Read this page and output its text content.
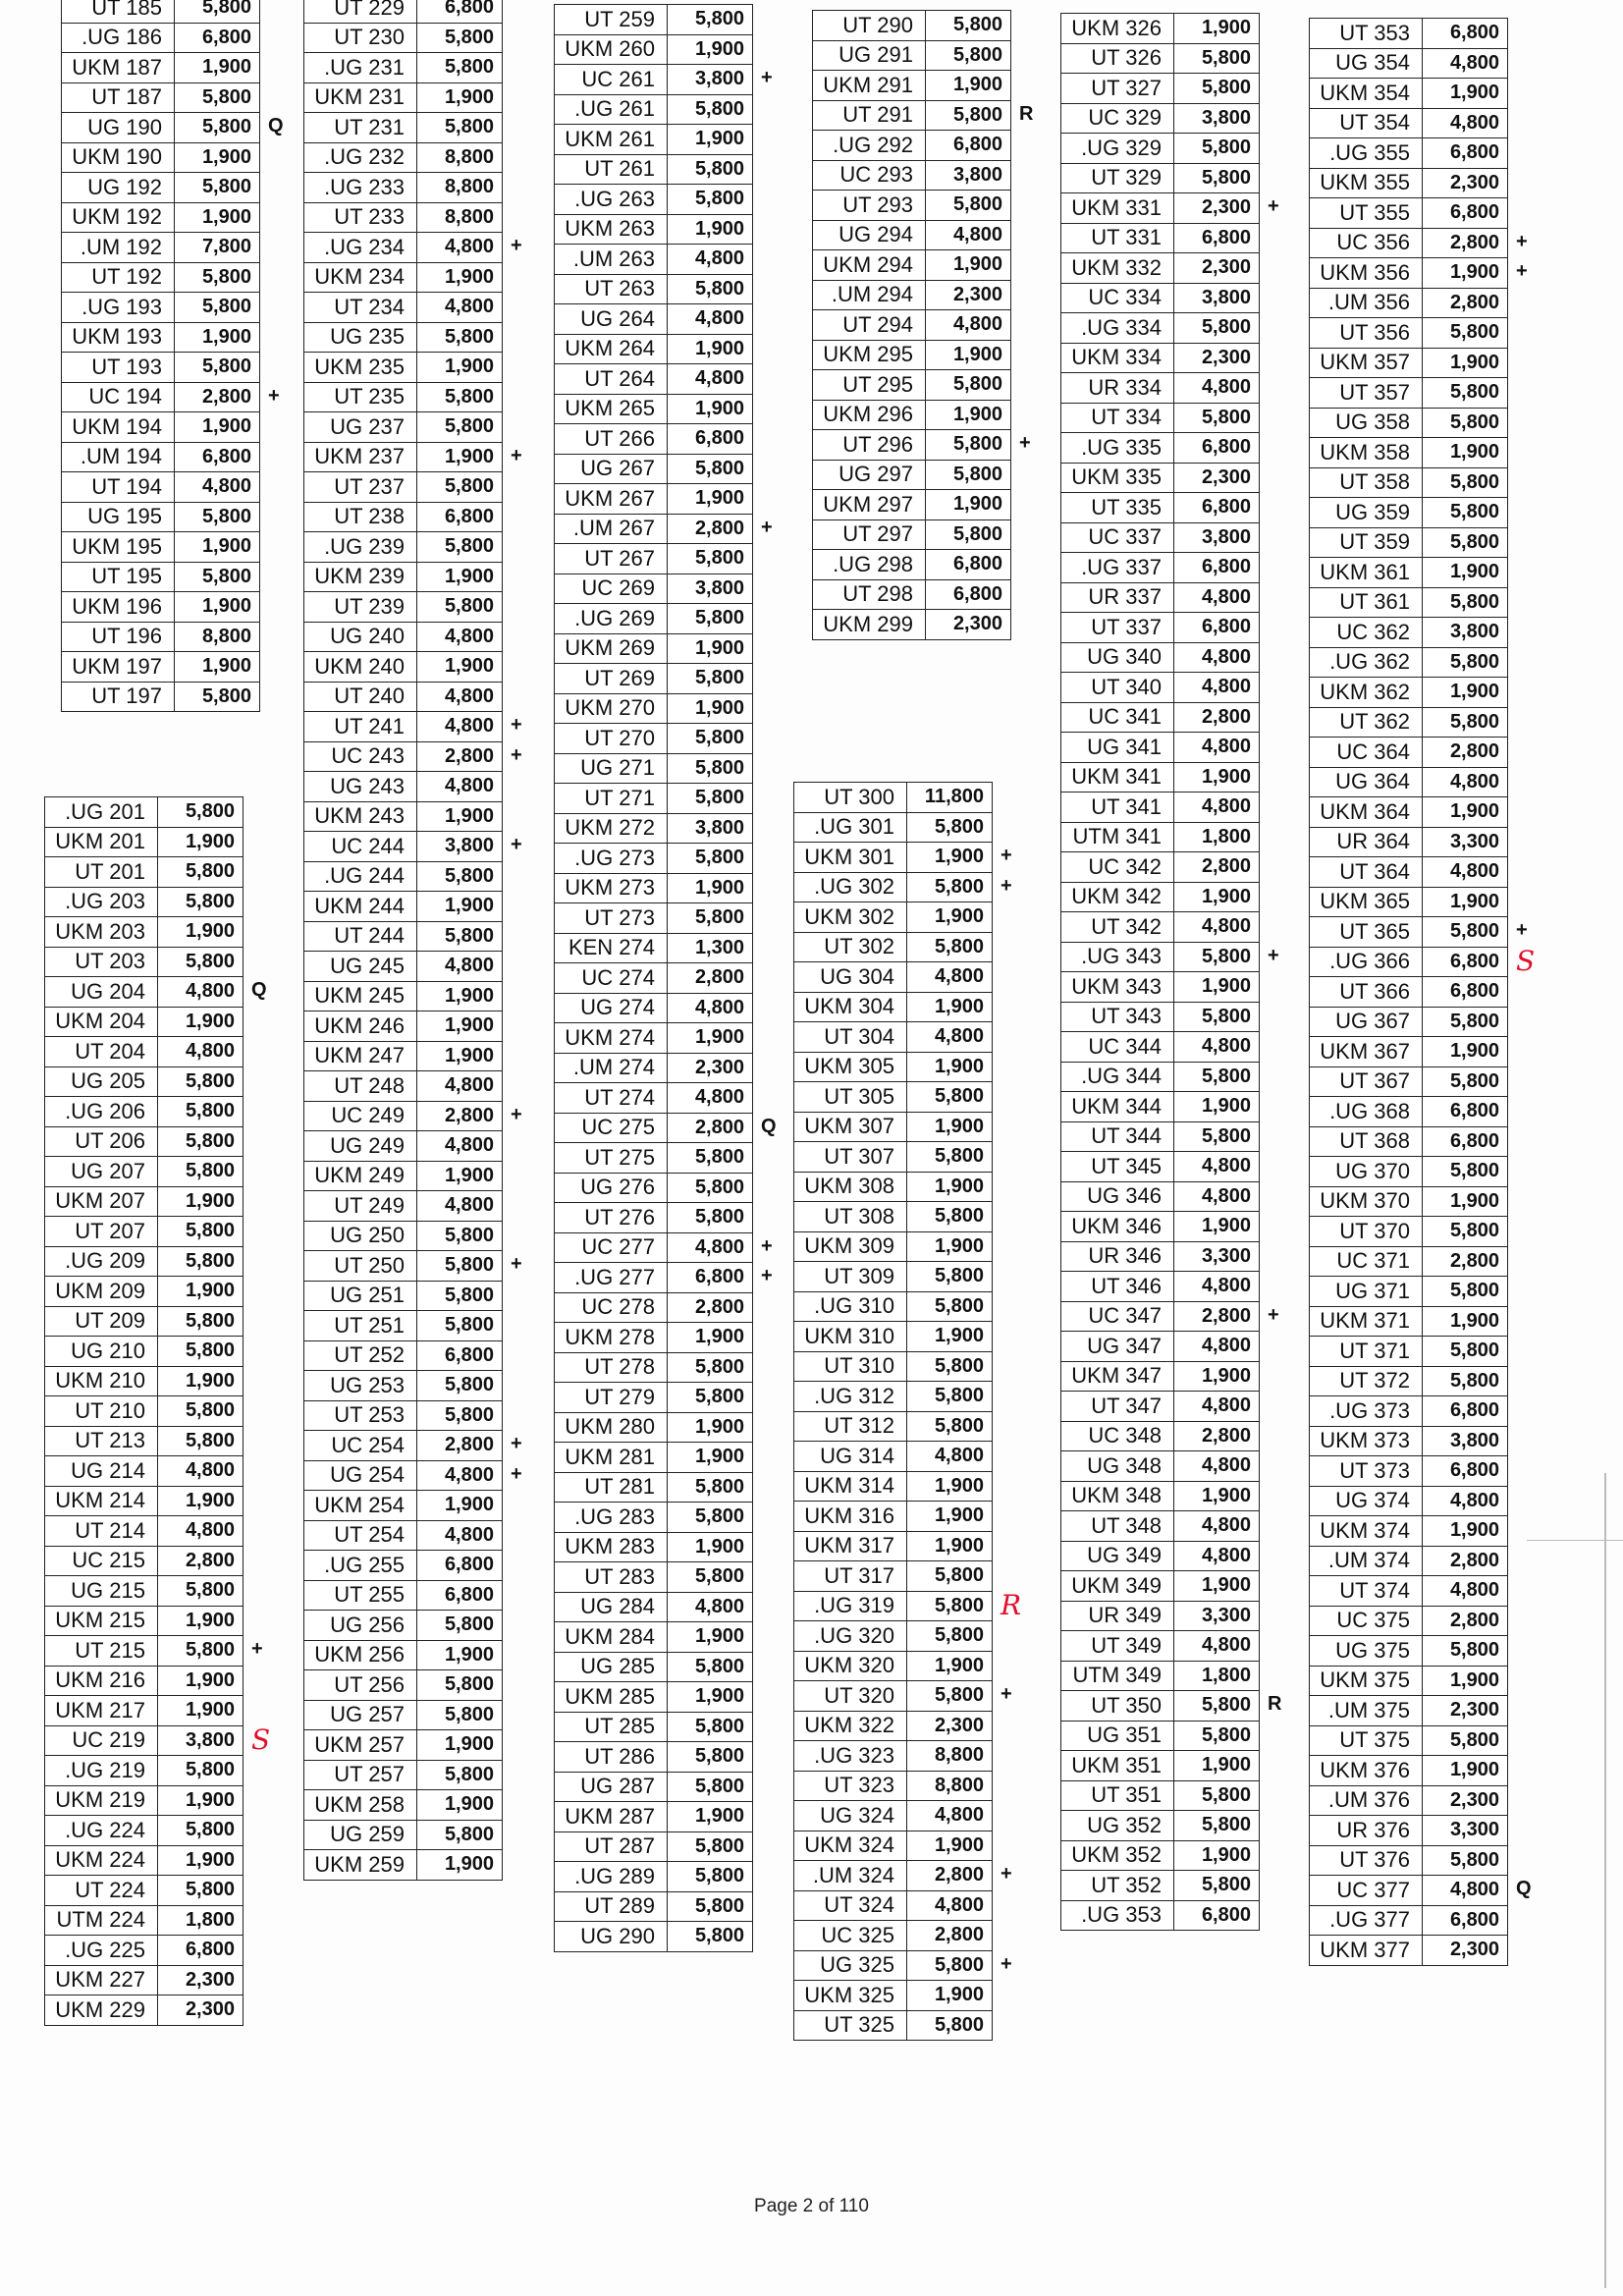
UT 185	5,800
.UG 186	6,800
UKM 187	1,900
UT 187	5,800
UG 190	5,800
UKM 190	1,900
UG 192	5,800
UKM 192	1,900
.UM 192	7,800
UT 192	5,800
.UG 193	5,800
UKM 193	1,900
UT 193	5,800
UC 194	2,800
UKM 194	1,900
.UM 194	6,800
UT 194	4,800
UG 195	5,800
UKM 195	1,900
UT 195	5,800
UKM 196	1,900
UT 196	8,800
UKM 197	1,900
UT 197	5,800
Q
+
.UG 201	5,800
UKM 201	1,900
UT 201	5,800
.UG 203	5,800
UKM 203	1,900
UT 203	5,800
UG 204	4,800
UKM 204	1,900
UT 204	4,800
UG 205	5,800
.UG 206	5,800
UT 206	5,800
UG 207	5,800
UKM 207	1,900
UT 207	5,800
.UG 209	5,800
UKM 209	1,900
UT 209	5,800
UG 210	5,800
UKM 210	1,900
UT 210	5,800
UT 213	5,800
UG 214	4,800
UKM 214	1,900
UT 214	4,800
UC 215	2,800
UG 215	5,800
UKM 215	1,900
UT 215	5,800
UKM 216	1,900
UKM 217	1,900
UC 219	3,800
.UG 219	5,800
UKM 219	1,900
.UG 224	5,800
UKM 224	1,900
UT 224	5,800
UTM 224	1,800
.UG 225	6,800
UKM 227	2,300
UKM 229	2,300
Q
+
S
UT 229	6,800
UT 230	5,800
.UG 231	5,800
UKM 231	1,900
UT 231	5,800
.UG 232	8,800
.UG 233	8,800
UT 233	8,800
.UG 234	4,800
UKM 234	1,900
UT 234	4,800
UG 235	5,800
UKM 235	1,900
UT 235	5,800
UG 237	5,800
UKM 237	1,900
UT 237	5,800
UT 238	6,800
.UG 239	5,800
UKM 239	1,900
UT 239	5,800
UG 240	4,800
UKM 240	1,900
UT 240	4,800
UT 241	4,800
UC 243	2,800
UG 243	4,800
UKM 243	1,900
UC 244	3,800
.UG 244	5,800
UKM 244	1,900
UT 244	5,800
UG 245	4,800
UKM 245	1,900
UKM 246	1,900
UKM 247	1,900
UT 248	4,800
UC 249	2,800
UG 249	4,800
UKM 249	1,900
UT 249	4,800
UG 250	5,800
UT 250	5,800
UG 251	5,800
UT 251	5,800
UT 252	6,800
UG 253	5,800
UT 253	5,800
UC 254	2,800
UG 254	4,800
UKM 254	1,900
UT 254	4,800
.UG 255	6,800
UT 255	6,800
UG 256	5,800
UKM 256	1,900
UT 256	5,800
UG 257	5,800
UKM 257	1,900
UT 257	5,800
UKM 258	1,900
UG 259	5,800
UKM 259	1,900
+
+
+
+
+
+
+
+
+
UT 259	5,800
UKM 260	1,900
UC 261	3,800
.UG 261	5,800
UKM 261	1,900
UT 261	5,800
.UG 263	5,800
UKM 263	1,900
.UM 263	4,800
UT 263	5,800
UG 264	4,800
UKM 264	1,900
UT 264	4,800
UKM 265	1,900
UT 266	6,800
UG 267	5,800
UKM 267	1,900
.UM 267	2,800
UT 267	5,800
UC 269	3,800
.UG 269	5,800
UKM 269	1,900
UT 269	5,800
UKM 270	1,900
UT 270	5,800
UG 271	5,800
UT 271	5,800
UKM 272	3,800
.UG 273	5,800
UKM 273	1,900
UT 273	5,800
KEN 274	1,300
UC 274	2,800
UG 274	4,800
UKM 274	1,900
.UM 274	2,300
UT 274	4,800
UC 275	2,800
UT 275	5,800
UG 276	5,800
UT 276	5,800
UC 277	4,800
.UG 277	6,800
UC 278	2,800
UKM 278	1,900
UT 278	5,800
UT 279	5,800
UKM 280	1,900
UKM 281	1,900
UT 281	5,800
.UG 283	5,800
UKM 283	1,900
UT 283	5,800
UG 284	4,800
UKM 284	1,900
UG 285	5,800
UKM 285	1,900
UT 285	5,800
UT 286	5,800
UG 287	5,800
UKM 287	1,900
UT 287	5,800
.UG 289	5,800
UT 289	5,800
UG 290	5,800
+
+
Q
+
+
UT 290	5,800
UG 291	5,800
UKM 291	1,900
UT 291	5,800
.UG 292	6,800
UC 293	3,800
UT 293	5,800
UG 294	4,800
UKM 294	1,900
.UM 294	2,300
UT 294	4,800
UKM 295	1,900
UT 295	5,800
UKM 296	1,900
UT 296	5,800
UG 297	5,800
UKM 297	1,900
UT 297	5,800
.UG 298	6,800
UT 298	6,800
UKM 299	2,300
R
+
UT 300	11,800
.UG 301	5,800
UKM 301	1,900
.UG 302	5,800
UKM 302	1,900
UT 302	5,800
UG 304	4,800
UKM 304	1,900
UT 304	4,800
UKM 305	1,900
UT 305	5,800
UKM 307	1,900
UT 307	5,800
UKM 308	1,900
UT 308	5,800
UKM 309	1,900
UT 309	5,800
.UG 310	5,800
UKM 310	1,900
UT 310	5,800
.UG 312	5,800
UT 312	5,800
UG 314	4,800
UKM 314	1,900
UKM 316	1,900
UKM 317	1,900
UT 317	5,800
.UG 319	5,800
.UG 320	5,800
UKM 320	1,900
UT 320	5,800
UKM 322	2,300
.UG 323	8,800
UT 323	8,800
UG 324	4,800
UKM 324	1,900
.UM 324	2,800
UT 324	4,800
UC 325	2,800
UG 325	5,800
UKM 325	1,900
UT 325	5,800
+
+
R
+
+
+
UKM 326	1,900
UT 326	5,800
UT 327	5,800
UC 329	3,800
.UG 329	5,800
UT 329	5,800
UKM 331	2,300
UT 331	6,800
UKM 332	2,300
UC 334	3,800
.UG 334	5,800
UKM 334	2,300
UR 334	4,800
UT 334	5,800
.UG 335	6,800
UKM 335	2,300
UT 335	6,800
UC 337	3,800
.UG 337	6,800
UR 337	4,800
UT 337	6,800
UG 340	4,800
UT 340	4,800
UC 341	2,800
UG 341	4,800
UKM 341	1,900
UT 341	4,800
UTM 341	1,800
UC 342	2,800
UKM 342	1,900
UT 342	4,800
.UG 343	5,800
UKM 343	1,900
UT 343	5,800
UC 344	4,800
.UG 344	5,800
UKM 344	1,900
UT 344	5,800
UT 345	4,800
UG 346	4,800
UKM 346	1,900
UR 346	3,300
UT 346	4,800
UC 347	2,800
UG 347	4,800
UKM 347	1,900
UT 347	4,800
UC 348	2,800
UG 348	4,800
UKM 348	1,900
UT 348	4,800
UG 349	4,800
UKM 349	1,900
UR 349	3,300
UT 349	4,800
UTM 349	1,800
UT 350	5,800
UG 351	5,800
UKM 351	1,900
UT 351	5,800
UG 352	5,800
UKM 352	1,900
UT 352	5,800
.UG 353	6,800
+
+
+
R
UT 353	6,800
UG 354	4,800
UKM 354	1,900
UT 354	4,800
.UG 355	6,800
UKM 355	2,300
UT 355	6,800
UC 356	2,800
UKM 356	1,900
.UM 356	2,800
UT 356	5,800
UKM 357	1,900
UT 357	5,800
UG 358	5,800
UKM 358	1,900
UT 358	5,800
UG 359	5,800
UT 359	5,800
UKM 361	1,900
UT 361	5,800
UC 362	3,800
.UG 362	5,800
UKM 362	1,900
UT 362	5,800
UC 364	2,800
UG 364	4,800
UKM 364	1,900
UR 364	3,300
UT 364	4,800
UKM 365	1,900
UT 365	5,800
.UG 366	6,800
UT 366	6,800
UG 367	5,800
UKM 367	1,900
UT 367	5,800
.UG 368	6,800
UT 368	6,800
UG 370	5,800
UKM 370	1,900
UT 370	5,800
UC 371	2,800
UG 371	5,800
UKM 371	1,900
UT 371	5,800
UT 372	5,800
.UG 373	6,800
UKM 373	3,800
UT 373	6,800
UG 374	4,800
UKM 374	1,900
.UM 374	2,800
UT 374	4,800
UC 375	2,800
UG 375	5,800
UKM 375	1,900
.UM 375	2,300
UT 375	5,800
UKM 376	1,900
.UM 376	2,300
UR 376	3,300
UT 376	5,800
UC 377	4,800
.UG 377	6,800
UKM 377	2,300
+
+
+
S
Q
Page 2 of 110
